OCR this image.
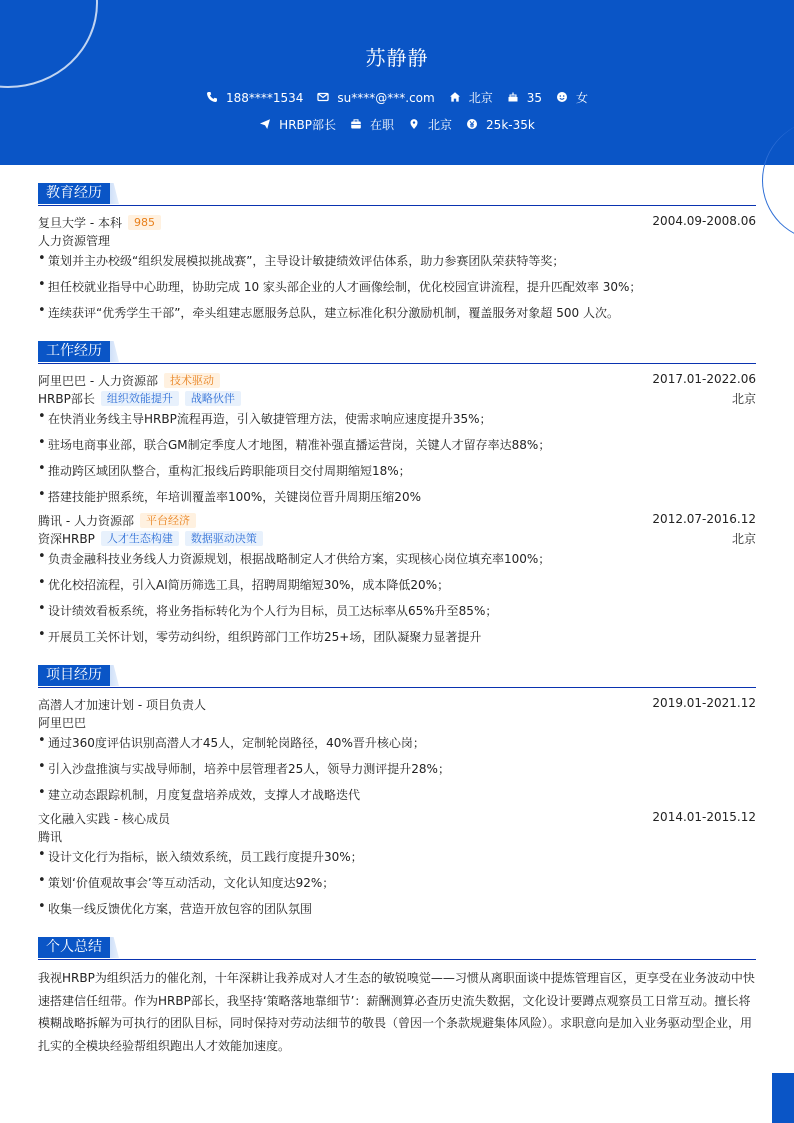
苏静静
188****1534	su****@***.com	北京	35	女
HRBP部长	在职	北京	25k-35k
教育经历
复旦大学 - 本科	985	2004.09-2008.06
人力资源管理
• 策划并主办校级“组织发展模拟挑战赛”，主导设计敏捷绩效评估体系，助力参赛团队荣获特等奖；
• 担任校就业指导中心助理，协助完成 10 家头部企业的人才画像绘制，优化校园宣讲流程，提升匹配效率 30%；
• 连续获评“优秀学生干部”，牵头组建志愿服务总队，建立标准化积分激励机制，覆盖服务对象超 500 人次。
工作经历
阿里巴巴 - 人力资源部	技术驱动	2017.01-2022.06
HRBP部长	组织效能提升	战略伙伴	北京
• 在快消业务线主导HRBP流程再造，引入敏捷管理方法，使需求响应速度提升35%；
• 驻场电商事业部，联合GM制定季度人才地图，精准补强直播运营岗，关键人才留存率达88%；
• 推动跨区域团队整合，重构汇报线后跨职能项目交付周期缩短18%；
• 搭建技能护照系统，年培训覆盖率100%，关键岗位晋升周期压缩20%
腾讯 - 人力资源部	平台经济	2012.07-2016.12
资深HRBP	人才生态构建	数据驱动决策	北京
• 负责金融科技业务线人力资源规划，根据战略制定人才供给方案，实现核心岗位填充率100%；
• 优化校招流程，引入AI简历筛选工具，招聘周期缩短30%，成本降低20%；
• 设计绩效看板系统，将业务指标转化为个人行为目标，员工达标率从65%升至85%；
• 开展员工关怀计划，零劳动纠纷，组织跨部门工作坊25+场，团队凝聚力显著提升
项目经历
高潜人才加速计划 - 项目负责人	2019.01-2021.12
阿里巴巴
• 通过360度评估识别高潜人才45人，定制轮岗路径，40%晋升核心岗；
• 引入沙盘推演与实战导师制，培养中层管理者25人，领导力测评提升28%；
• 建立动态跟踪机制，月度复盘培养成效，支撑人才战略迭代
文化融入实践 - 核心成员	2014.01-2015.12
腾讯
• 设计文化行为指标，嵌入绩效系统，员工践行度提升30%；
• 策划‘价值观故事会’等互动活动，文化认知度达92%；
• 收集一线反馈优化方案，营造开放包容的团队氛围
个人总结
我视HRBP为组织活力的催化剂，十年深耕让我养成对人才生态的敏锐嗅觉——习惯从离职面谈中提炼管理盲区，更享受在业务波动中快速搭建信任纽带。作为HRBP部长，我坚持‘策略落地靠细节’：薪酬测算必查历史流失数据，文化设计要蹲点观察员工日常互动。擅长将模糊战略拆解为可执行的团队目标，同时保持对劳动法细节的敬畏（曾因一个条款规避集体风险）。求职意向是加入业务驱动型企业，用扎实的全模块经验帮组织跑出人才效能加速度。
